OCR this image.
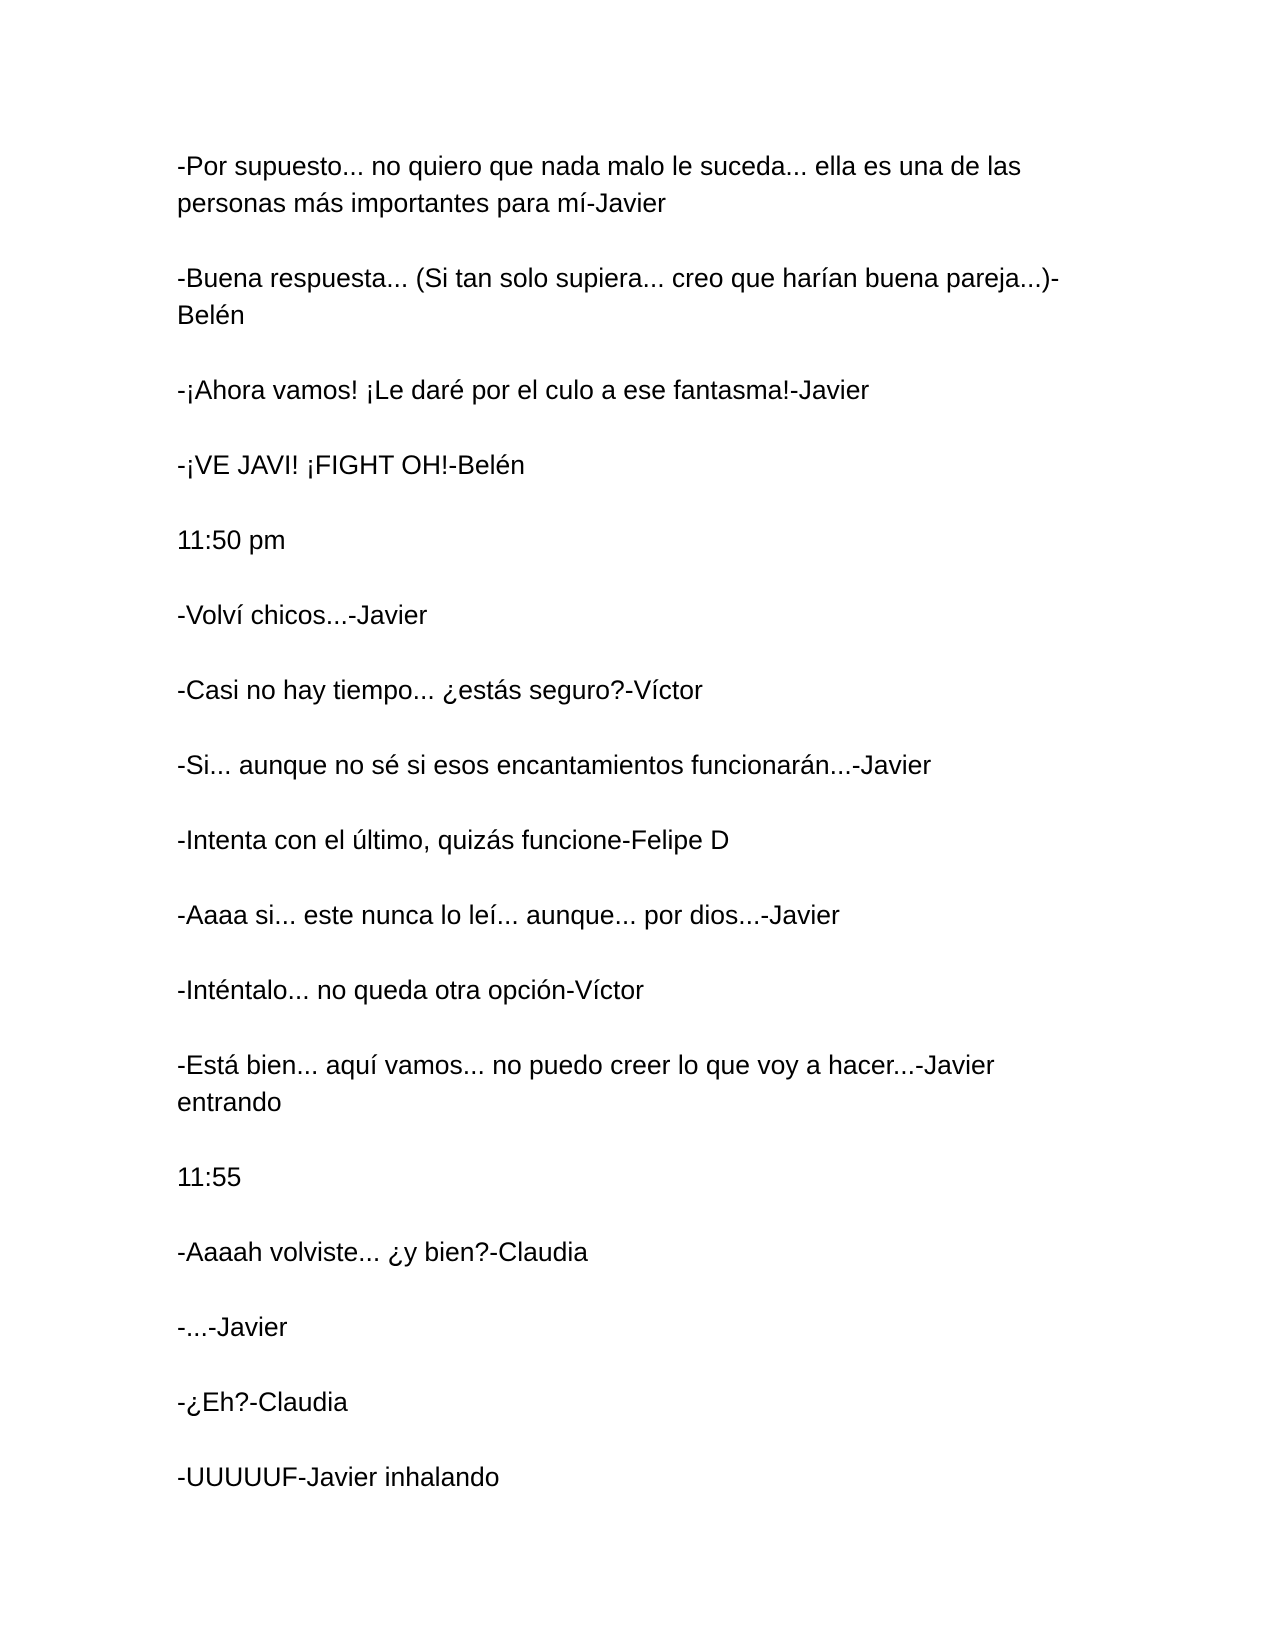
-Por supuesto... no quiero que nada malo le suceda... ella es una de las personas más importantes para mí-Javier

-Buena respuesta... (Si tan solo supiera... creo que harían buena pareja...)-Belén

-¡Ahora vamos! ¡Le daré por el culo a ese fantasma!-Javier

-¡VE JAVI! ¡FIGHT OH!-Belén

11:50 pm

-Volví chicos...-Javier

-Casi no hay tiempo... ¿estás seguro?-Víctor

-Si... aunque no sé si esos encantamientos funcionarán...-Javier

-Intenta con el último, quizás funcione-Felipe D

-Aaaa si... este nunca lo leí... aunque... por dios...-Javier

-Inténtalo... no queda otra opción-Víctor

-Está bien... aquí vamos... no puedo creer lo que voy a hacer...-Javier entrando

11:55

-Aaaah volviste... ¿y bien?-Claudia

-...-Javier

-¿Eh?-Claudia

-UUUUUF-Javier inhalando
